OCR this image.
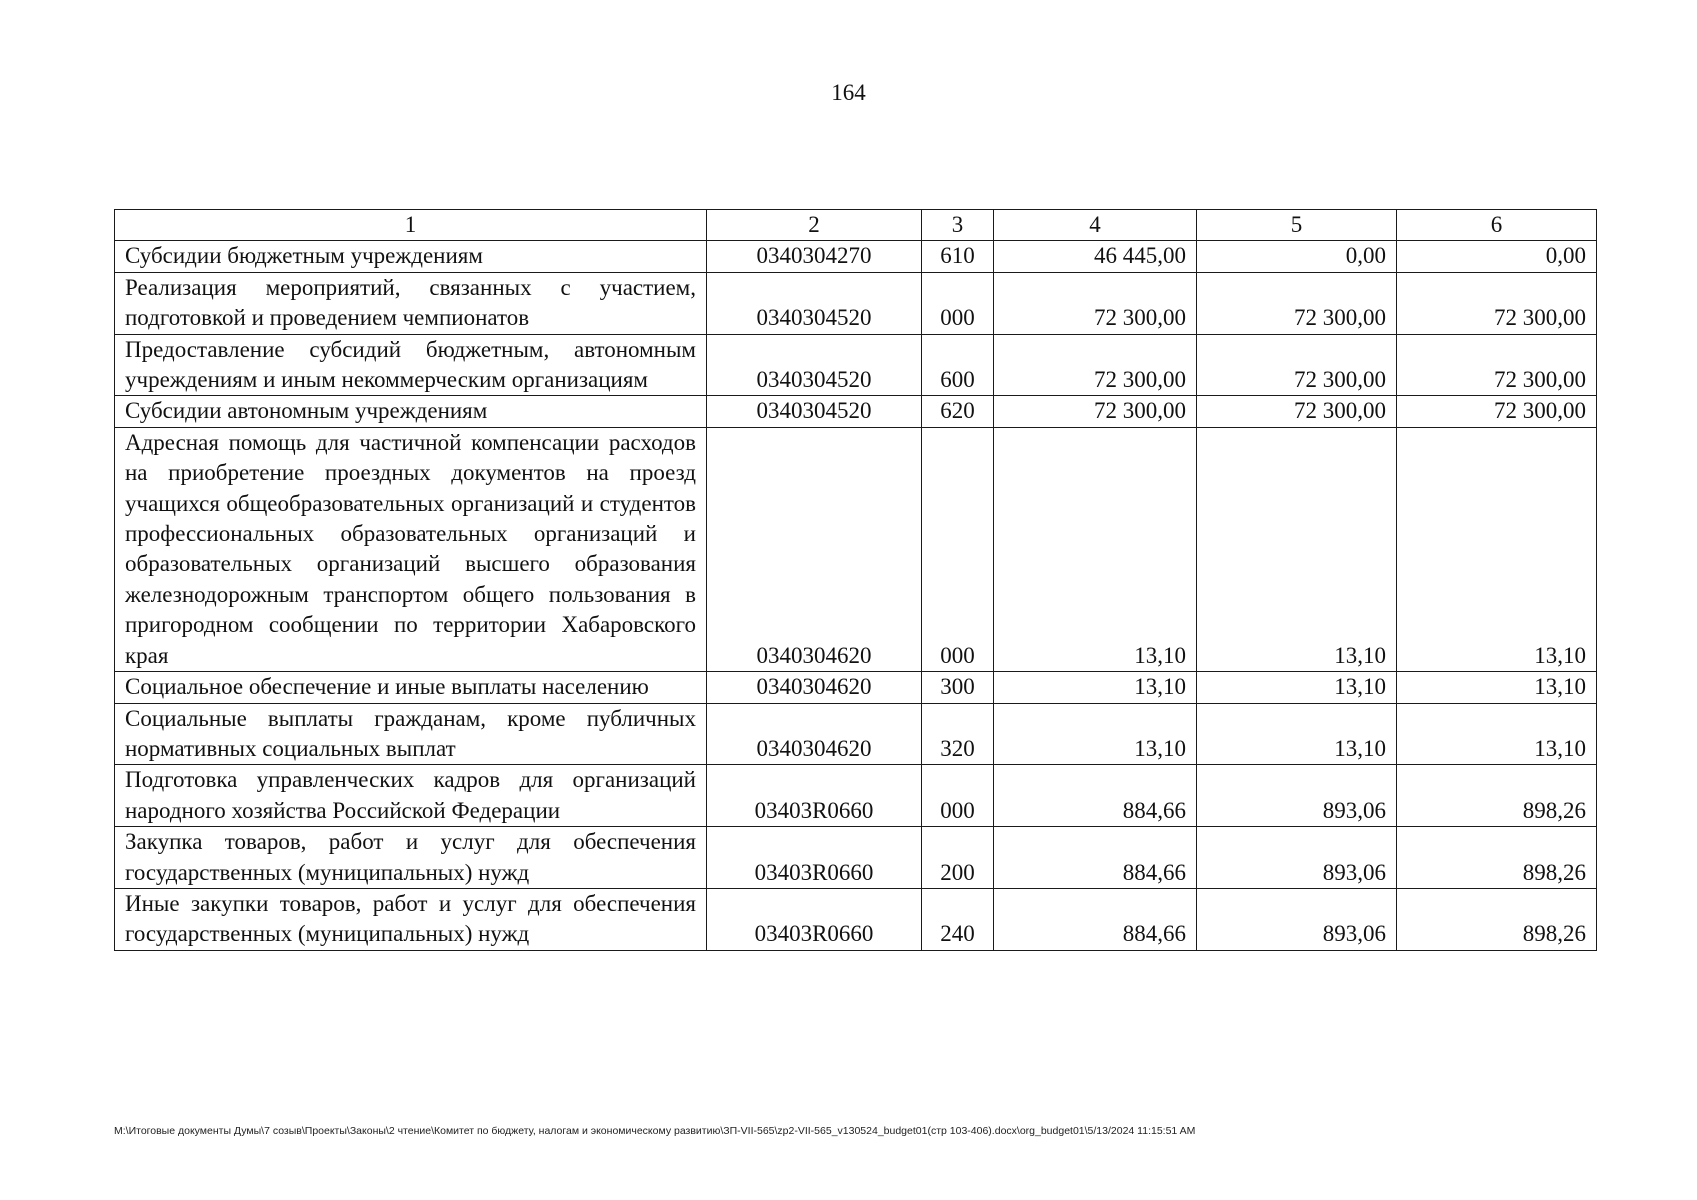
164
1	2	3	4	5	6
Субсидии бюджетным учреждениям	0340304270	610	46 445,00	0,00	0,00
Реализация мероприятий, связанных с участием, подготовкой и проведением чемпионатов	0340304520	000	72 300,00	72 300,00	72 300,00
Предоставление субсидий бюджетным, автономным учреждениям и иным некоммерческим организациям	0340304520	600	72 300,00	72 300,00	72 300,00
Субсидии автономным учреждениям	0340304520	620	72 300,00	72 300,00	72 300,00
Адресная помощь для частичной компенсации расходов на приобретение проездных документов на проезд учащихся общеобразовательных организаций и студентов профессиональных образовательных организаций и образовательных организаций высшего образования железнодорожным транспортом общего пользования в пригородном сообщении по территории Хабаровского края	0340304620	000	13,10	13,10	13,10
Социальное обеспечение и иные выплаты населению	0340304620	300	13,10	13,10	13,10
Социальные выплаты гражданам, кроме публичных нормативных социальных выплат	0340304620	320	13,10	13,10	13,10
Подготовка управленческих кадров для организаций народного хозяйства Российской Федерации	03403R0660	000	884,66	893,06	898,26
Закупка товаров, работ и услуг для обеспечения государственных (муниципальных) нужд	03403R0660	200	884,66	893,06	898,26
Иные закупки товаров, работ и услуг для обеспечения государственных (муниципальных) нужд	03403R0660	240	884,66	893,06	898,26
M:\Итоговые документы Думы\7 созыв\Проекты\Законы\2 чтение\Комитет по бюджету, налогам и экономическому развитию\ЗП-VII-565\zp2-VII-565_v130524_budget01(стр 103-406).docx\org_budget01\5/13/2024 11:15:51 AM
